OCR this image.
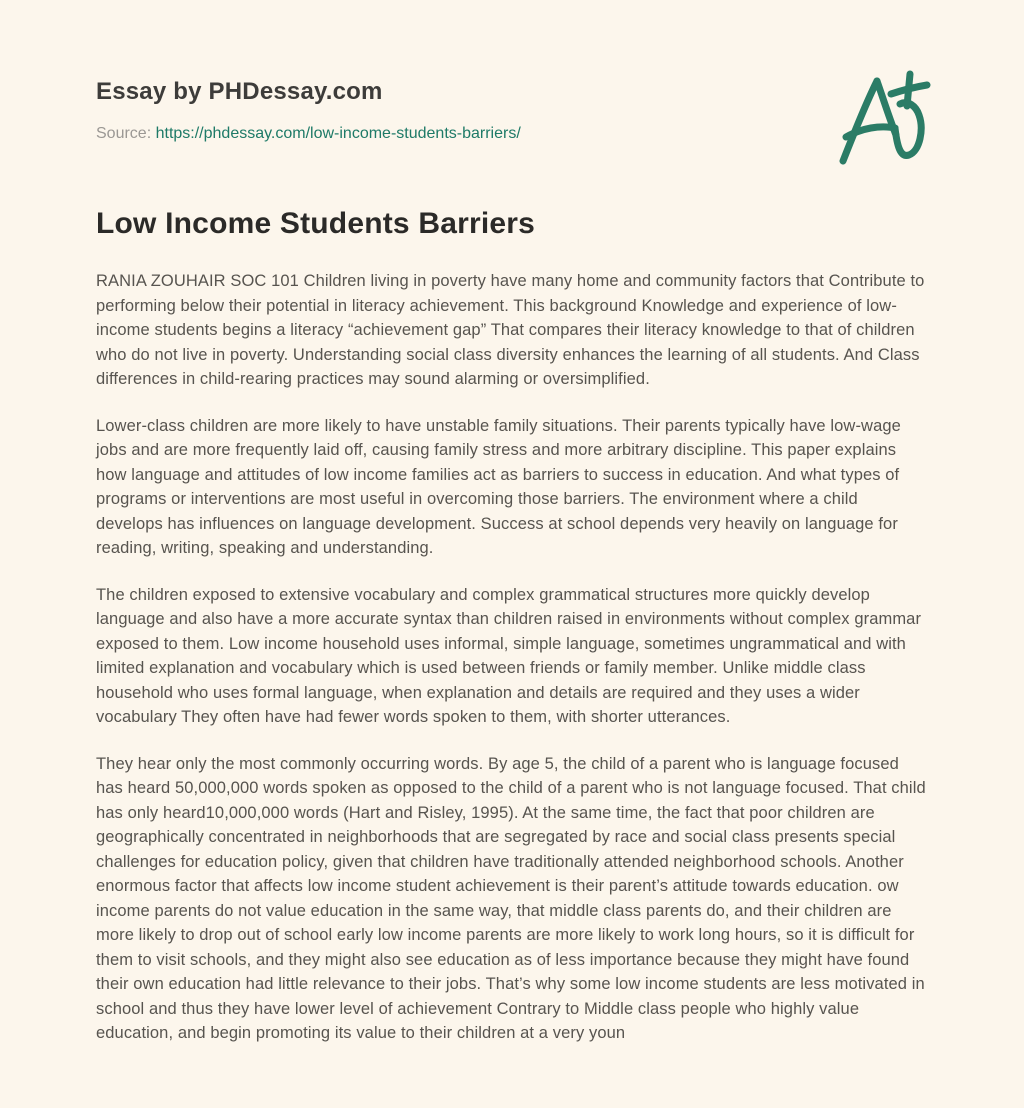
Essay by PHDessay.com
Source: https://phdessay.com/low-income-students-barriers/
Low Income Students Barriers

RANIA ZOUHAIR SOC 101 Children living in poverty have many home and community factors that Contribute to performing below their potential in literacy achievement. This background Knowledge and experience of low-income students begins a literacy “achievement gap” That compares their literacy knowledge to that of children who do not live in poverty. Understanding social class diversity enhances the learning of all students. And Class differences in child-rearing practices may sound alarming or oversimplified.

Lower-class children are more likely to have unstable family situations. Their parents typically have low-wage jobs and are more frequently laid off, causing family stress and more arbitrary discipline. This paper explains how language and attitudes of low income families act as barriers to success in education. And what types of programs or interventions are most useful in overcoming those barriers. The environment where a child develops has influences on language development. Success at school depends very heavily on language for reading, writing, speaking and understanding.

The children exposed to extensive vocabulary and complex grammatical structures more quickly develop language and also have a more accurate syntax than children raised in environments without complex grammar exposed to them. Low income household uses informal, simple language, sometimes ungrammatical and with limited explanation and vocabulary which is used between friends or family member. Unlike middle class household who uses formal language, when explanation and details are required and they uses a wider vocabulary They often have had fewer words spoken to them, with shorter utterances.

They hear only the most commonly occurring words. By age 5, the child of a parent who is language focused has heard 50,000,000 words spoken as opposed to the child of a parent who is not language focused. That child has only heard10,000,000 words (Hart and Risley, 1995). At the same time, the fact that poor children are geographically concentrated in neighborhoods that are segregated by race and social class presents special challenges for education policy, given that children have traditionally attended neighborhood schools. Another enormous factor that affects low income student achievement is their parent’s attitude towards education. ow income parents do not value education in the same way, that middle class parents do, and their children are more likely to drop out of school early low income parents are more likely to work long hours, so it is difficult for them to visit schools, and they might also see education as of less importance because they might have found their own education had little relevance to their jobs. That’s why some low income students are less motivated in school and thus they have lower level of achievement Contrary to Middle class people who highly value education, and begin promoting its value to their children at a very youn
